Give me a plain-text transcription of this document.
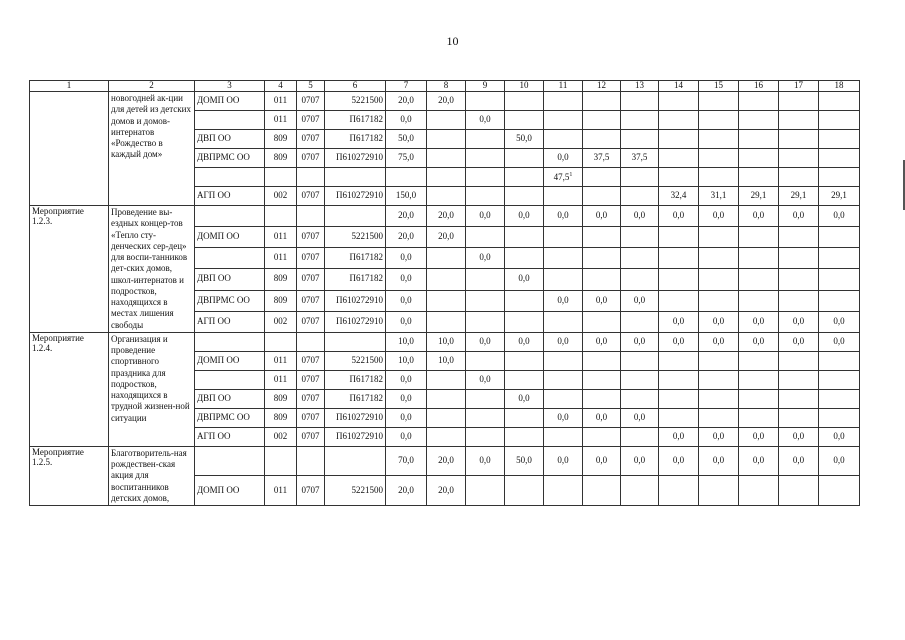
10
1	2	3	4	5	6	7	8	9	10	11	12	13	14	15	16	17	18
	новогодней ак-ции для детей из детских домов и домов-интернатов «Рождество в каждый дом»	ДОМП ОО	011	0707	5221500	20,0	20,0										
			011	0707	П617182	0,0		0,0									
		ДВП ОО	809	0707	П617182	50,0			50,0								
		ДВПРМС ОО	809	0707	П610272910	75,0				0,0	37,5	37,5					
										47,5$^1$							
		АГП ОО	002	0707	П610272910	150,0							32,4	31,1	29,1	29,1	29,1
Мероприятие 1.2.3.	Проведение вы-ездных концер-тов «Тепло сту-денческих сер-дец» для воспи-танников дет-ских домов, школ-интернатов и подростков, находящихся в местах лишения свободы					20,0	20,0	0,0	0,0	0,0	0,0	0,0	0,0	0,0	0,0	0,0	0,0
		ДОМП ОО	011	0707	5221500	20,0	20,0										
			011	0707	П617182	0,0		0,0									
		ДВП ОО	809	0707	П617182	0,0			0,0								
		ДВПРМС ОО	809	0707	П610272910	0,0				0,0	0,0	0,0					
		АГП ОО	002	0707	П610272910	0,0							0,0	0,0	0,0	0,0	0,0
Мероприятие 1.2.4.	Организация и проведение спортивного праздника для подростков, находящихся в трудной жизнен-ной ситуации					10,0	10,0	0,0	0,0	0,0	0,0	0,0	0,0	0,0	0,0	0,0	0,0
		ДОМП ОО	011	0707	5221500	10,0	10,0										
			011	0707	П617182	0,0		0,0									
		ДВП ОО	809	0707	П617182	0,0			0,0								
		ДВПРМС ОО	809	0707	П610272910	0,0				0,0	0,0	0,0					
		АГП ОО	002	0707	П610272910	0,0							0,0	0,0	0,0	0,0	0,0
Мероприятие 1.2.5.	Благотворитель-ная рождествен-ская акция для воспитанников детских домов,					70,0	20,0	0,0	50,0	0,0	0,0	0,0	0,0	0,0	0,0	0,0	0,0
		ДОМП ОО	011	0707	5221500	20,0	20,0										
